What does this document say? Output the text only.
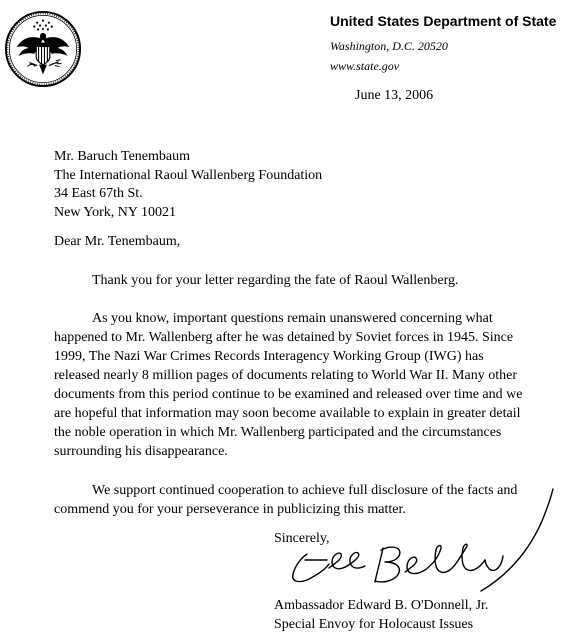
United States Department of State
Washington, D.C. 20520
www.state.gov
June 13, 2006
Mr. Baruch Tenembaum
The International Raoul Wallenberg Foundation
34 East 67th St.
New York, NY 10021
Dear Mr. Tenembaum,
Thank you for your letter regarding the fate of Raoul Wallenberg.
As you know, important questions remain unanswered concerning what happened to Mr. Wallenberg after he was detained by Soviet forces in 1945. Since 1999, The Nazi War Crimes Records Interagency Working Group (IWG) has released nearly 8 million pages of documents relating to World War II. Many other documents from this period continue to be examined and released over time and we are hopeful that information may soon become available to explain in greater detail the noble operation in which Mr. Wallenberg participated and the circumstances surrounding his disappearance.
We support continued cooperation to achieve full disclosure of the facts and commend you for your perseverance in publicizing this matter.
Sincerely,
Ambassador Edward B. O'Donnell, Jr.
Special Envoy for Holocaust Issues
